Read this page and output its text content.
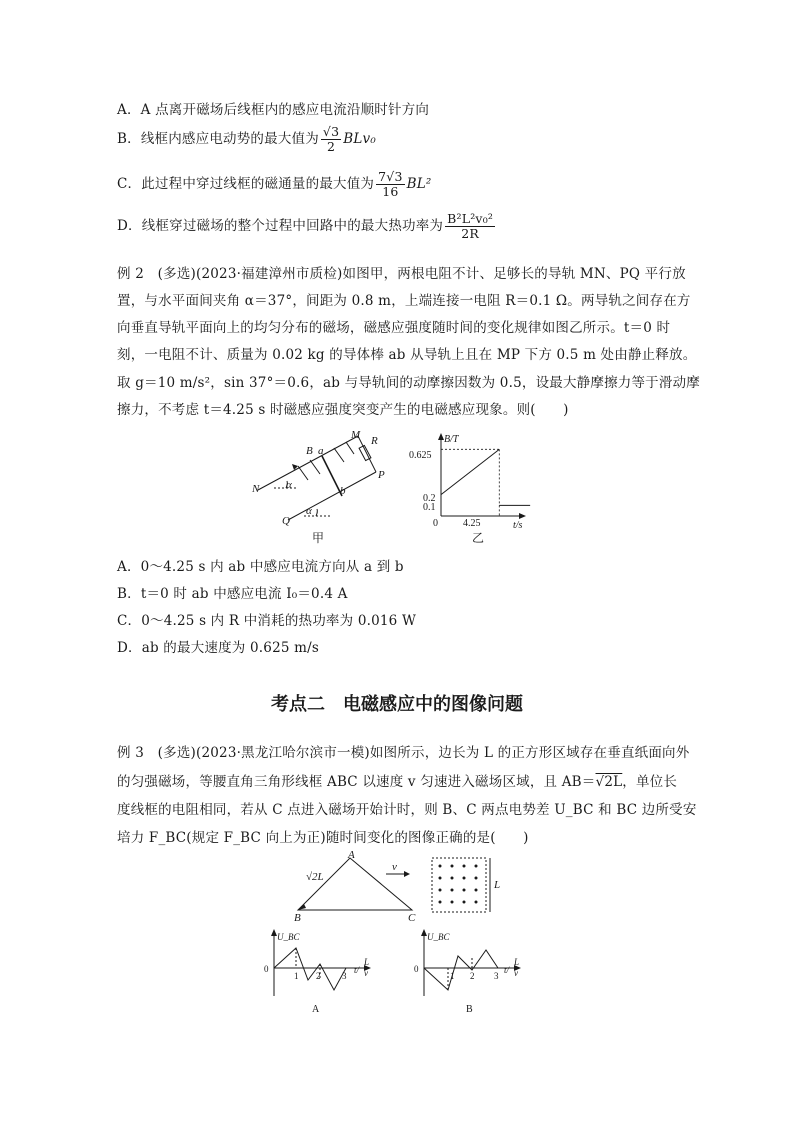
A．A 点离开磁场后线框内的感应电流沿顺时针方向
B．线框内感应电动势的最大值为 $\frac{√3}{2} BLv_0$
C．此过程中穿过线框的磁通量的最大值为 $\frac{7√3}{16} BL^2$
D．线框穿过磁场的整个过程中回路中的最大热功率为 $\frac{\text{B²L²v₀²}}{2R}$
例 2　(多选)(2023·福建漳州市质检)如图甲，两根电阻不计、足够长的导轨 MN、PQ 平行放
置，与水平面间夹角 α＝37°，间距为 0.8 m，上端连接一电阻 R＝0.1 Ω。两导轨之间存在方
向垂直导轨平面向上的均匀分布的磁场，磁感应强度随时间的变化规律如图乙所示。t＝0 时
刻，一电阻不计、质量为 0.02 kg 的导体棒 ab 从导轨上且在 MP 下方 0.5 m 处由静止释放。
取 g＝10 m/s²，sin 37°＝0.6，ab 与导轨间的动摩擦因数为 0.5，设最大静摩擦力等于滑动摩
擦力，不考虑 t＝4.25 s 时磁感应强度突变产生的电磁感应现象。则(　　)
M R
B a
P
N α	b
Q
α
甲
B/T
0.625
0.2
0.1
0	4.25	t/s
乙
A．0～4.25 s 内 ab 中感应电流方向从 a 到 b
B．t＝0 时 ab 中感应电流 I₀＝0.4 A
C．0～4.25 s 内 R 中消耗的热功率为 0.016 W
D．ab 的最大速度为 0.625 m/s
考点二　电磁感应中的图像问题
例 3　(多选)(2023·黑龙江哈尔滨市一模)如图所示，边长为 L 的正方形区域存在垂直纸面向外
的匀强磁场，等腰直角三角形线框 ABC 以速度 v 匀速进入磁场区域，且 AB＝√2L，单位长
度线框的电阻相同，若从 C 点进入磁场开始计时，则 B、C 两点电势差 U_BC 和 BC 边所受安
培力 F_BC(规定 F_BC 向上为正)随时间变化的图像正确的是(　　)
A
B	C
√2L
v
L
U_BC
0
1 2 3
t/
L
v
A
U_BC
0
1 2 3
t/
L
v
B
